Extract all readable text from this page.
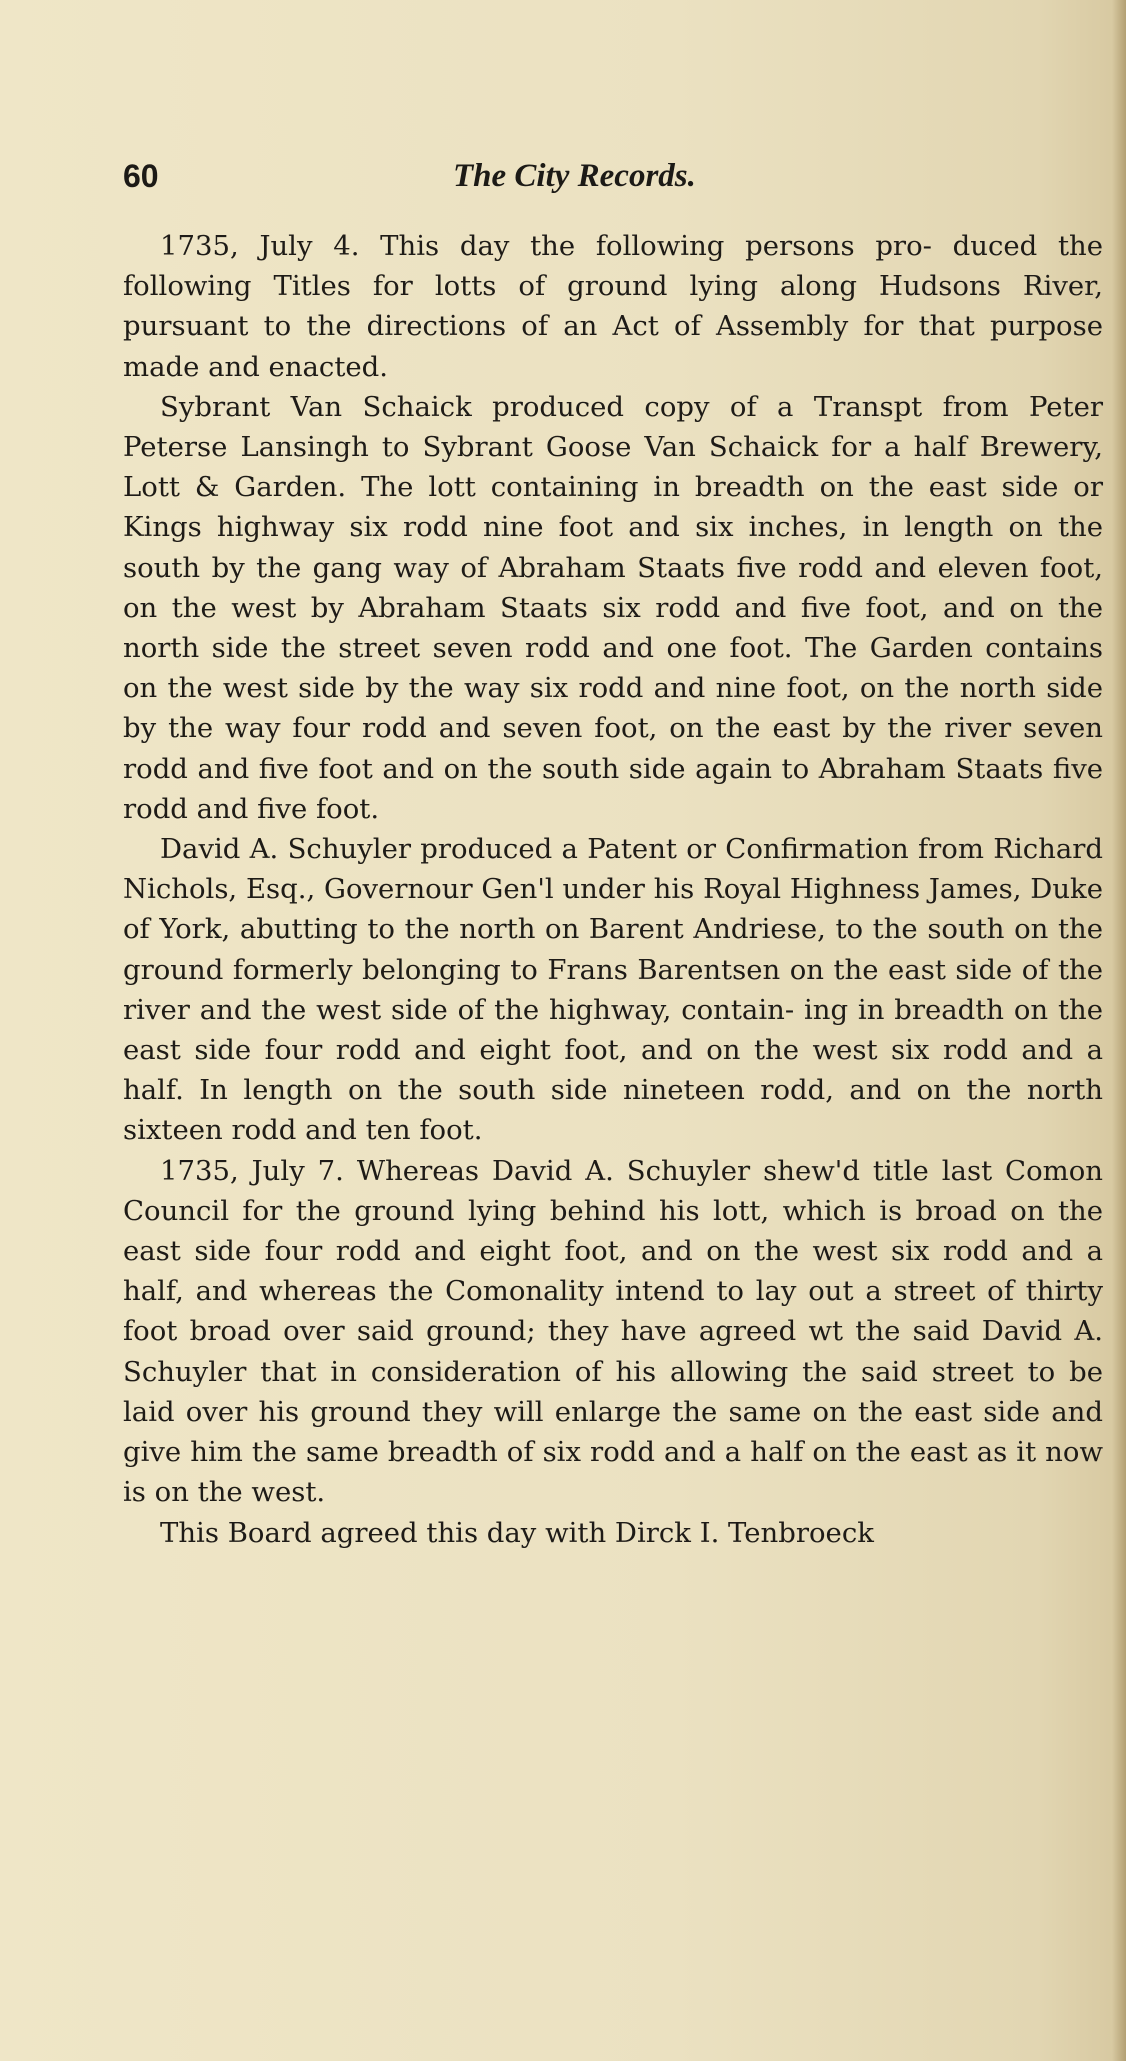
60	The City Records.

1735, July 4. This day the following persons pro- duced the following Titles for lotts of ground lying along Hudsons River, pursuant to the directions of an Act of Assembly for that purpose made and enacted.

Sybrant Van Schaick produced copy of a Transpt from Peter Peterse Lansingh to Sybrant Goose Van Schaick for a half Brewery, Lott & Garden. The lott containing in breadth on the east side or Kings highway six rodd nine foot and six inches, in length on the south by the gang way of Abraham Staats five rodd and eleven foot, on the west by Abraham Staats six rodd and five foot, and on the north side the street seven rodd and one foot. The Garden contains on the west side by the way six rodd and nine foot, on the north side by the way four rodd and seven foot, on the east by the river seven rodd and five foot and on the south side again to Abraham Staats five rodd and five foot.

David A. Schuyler produced a Patent or Confirmation from Richard Nichols, Esq., Governour Gen'l under his Royal Highness James, Duke of York, abutting to the north on Barent Andriese, to the south on the ground formerly belonging to Frans Barentsen on the east side of the river and the west side of the highway, contain- ing in breadth on the east side four rodd and eight foot, and on the west six rodd and a half. In length on the south side nineteen rodd, and on the north sixteen rodd and ten foot.

1735, July 7. Whereas David A. Schuyler shew'd title last Comon Council for the ground lying behind his lott, which is broad on the east side four rodd and eight foot, and on the west six rodd and a half, and whereas the Comonality intend to lay out a street of thirty foot broad over said ground; they have agreed wt the said David A. Schuyler that in consideration of his allowing the said street to be laid over his ground they will enlarge the same on the east side and give him the same breadth of six rodd and a half on the east as it now is on the west.

This Board agreed this day with Dirck I. Tenbroeck
